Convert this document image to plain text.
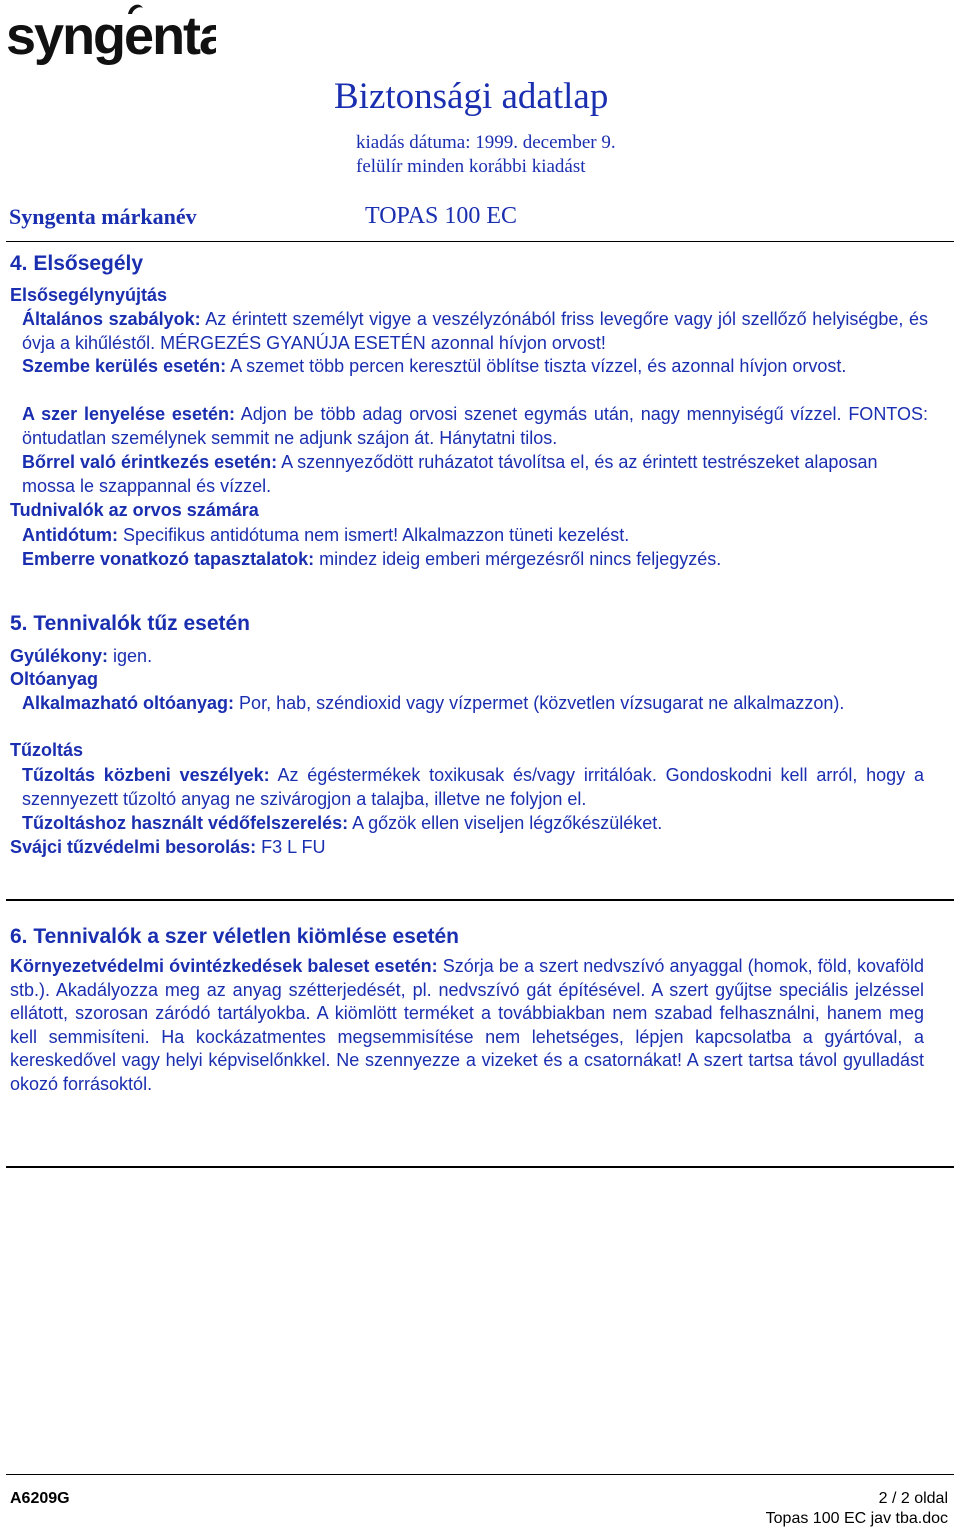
syngenta
Biztonsági adatlap
kiadás dátuma: 1999. december 9.
felülír minden korábbi kiadást
Syngenta márkanév	TOPAS 100 EC
4. Elsősegély
Elsősegélynyújtás
Általános szabályok: Az érintett személyt vigye a veszélyzónából friss levegőre vagy jól szellőző helyiségbe, és óvja a kihűléstől. MÉRGEZÉS GYANÚJA ESETÉN azonnal hívjon orvost!
Szembe kerülés esetén: A szemet több percen keresztül öblítse tiszta vízzel, és azonnal hívjon orvost.
A szer lenyelése esetén: Adjon be több adag orvosi szenet egymás után, nagy mennyiségű vízzel. FONTOS: öntudatlan személynek semmit ne adjunk szájon át. Hánytatni tilos.
Bőrrel való érintkezés esetén: A szennyeződött ruházatot távolítsa el, és az érintett testrészeket alaposan mossa le szappannal és vízzel.
Tudnivalók az orvos számára
Antidótum: Specifikus antidótuma nem ismert! Alkalmazzon tüneti kezelést.
Emberre vonatkozó tapasztalatok: mindez ideig emberi mérgezésről nincs feljegyzés.
5. Tennivalók tűz esetén
Gyúlékony: igen.
Oltóanyag
Alkalmazható oltóanyag: Por, hab, széndioxid vagy vízpermet (közvetlen vízsugarat ne alkalmazzon).
Tűzoltás
Tűzoltás közbeni veszélyek: Az égéstermékek toxikusak és/vagy irritálóak. Gondoskodni kell arról, hogy a szennyezett tűzoltó anyag ne szivárogjon a talajba, illetve ne folyjon el.
Tűzoltáshoz használt védőfelszerelés: A gőzök ellen viseljen légzőkészüléket.
Svájci tűzvédelmi besorolás: F3 L FU
6. Tennivalók a szer véletlen kiömlése esetén
Környezetvédelmi óvintézkedések baleset esetén: Szórja be a szert nedvszívó anyaggal (homok, föld, kovaföld stb.). Akadályozza meg az anyag szétterjedését, pl. nedvszívó gát építésével. A szert gyűjtse speciális jelzéssel ellátott, szorosan záródó tartályokba. A kiömlött terméket a továbbiakban nem szabad felhasználni, hanem meg kell semmisíteni. Ha kockázatmentes megsemmisítése nem lehetséges, lépjen kapcsolatba a gyártóval, a kereskedővel vagy helyi képviselőnkkel. Ne szennyezze a vizeket és a csatornákat! A szert tartsa távol gyulladást okozó forrásoktól.
A6209G	2 / 2 oldal
Topas 100 EC jav tba.doc
